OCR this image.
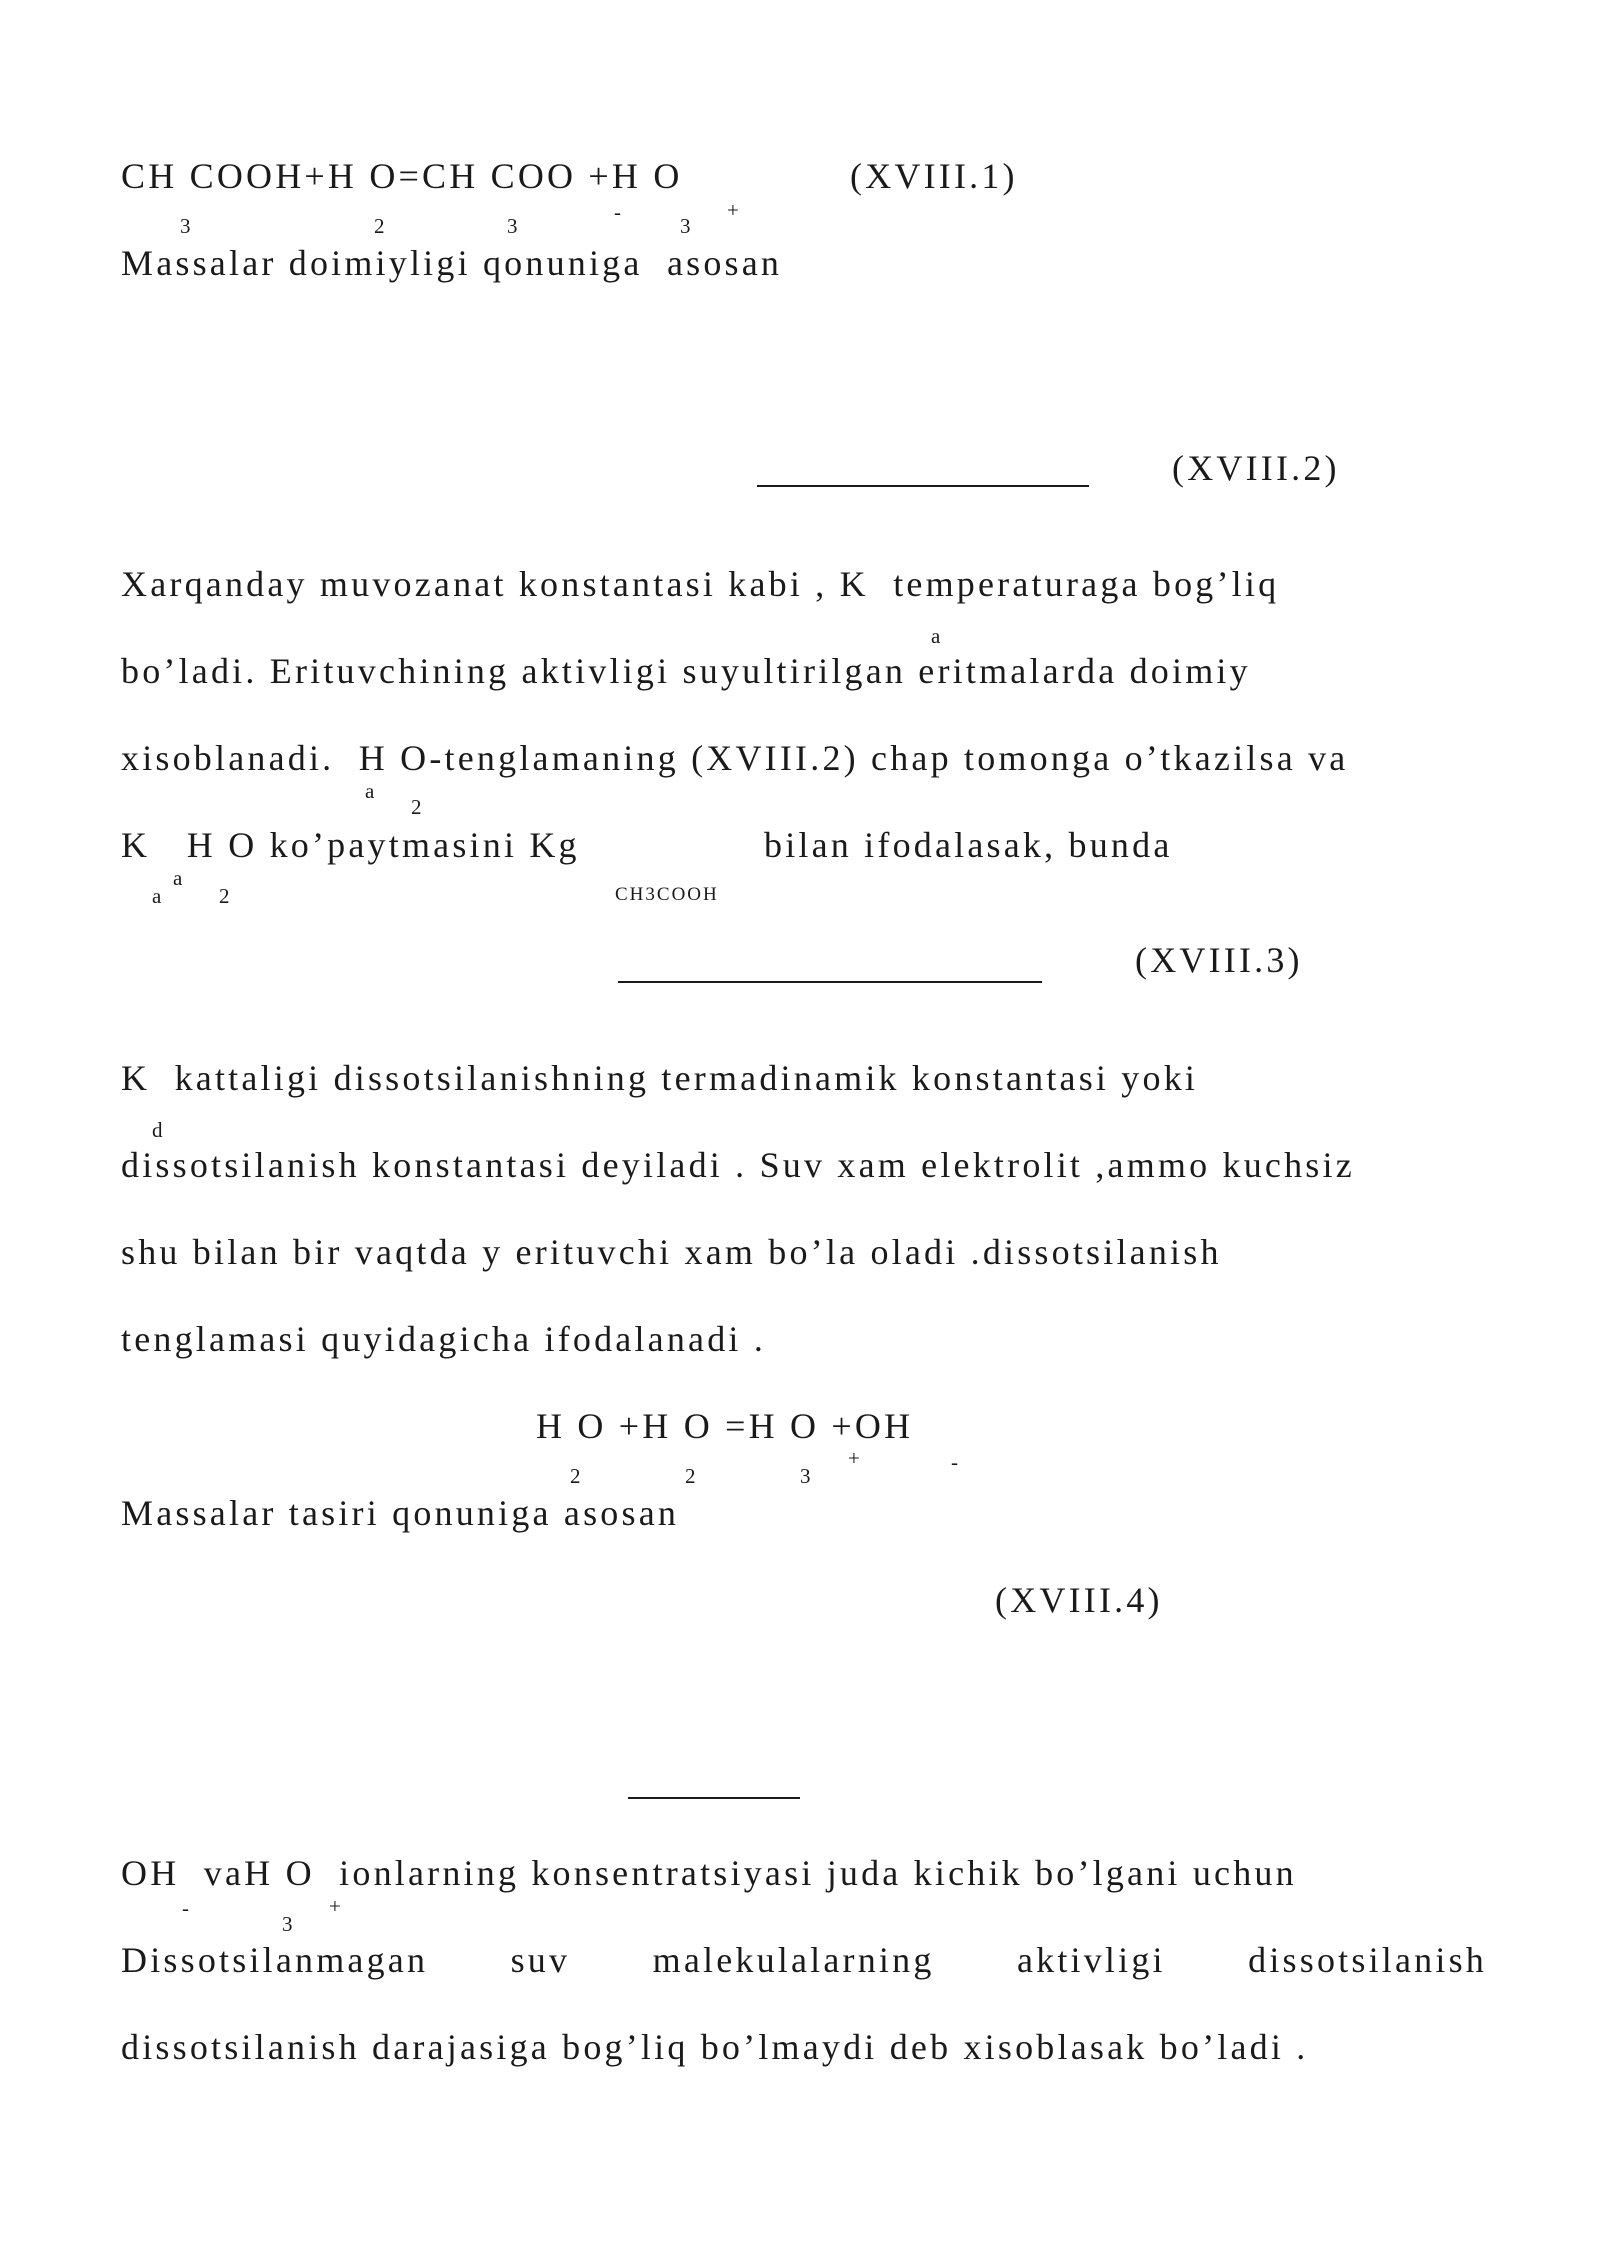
CH COOH+H O=CH COO +H O	(XVIII.1)
3	2	3
-
3
+
Massalar doimiyligi qonuniga  asosan
(XVIII.2)
Xarqanday muvozanat konstantasi kabi , K  temperaturaga bog’liq
a
bo’ladi. Erituvchining aktivligi suyultirilgan eritmalarda doimiy
xisoblanadi.  H O-tenglamaning (XVIII.2) chap tomonga o’tkazilsa va
a
2
K   H O ko’paytmasini Kg	bilan ifodalasak, bunda
a
a
2	CH3COOH
(XVIII.3)
K  kattaligi dissotsilanishning termadinamik konstantasi yoki
d
dissotsilanish konstantasi deyiladi . Suv xam elektrolit ,ammo kuchsiz
shu bilan bir vaqtda y erituvchi xam bo’la oladi .dissotsilanish
tenglamasi quyidagicha ifodalanadi .
H O +H O =H O +OH
2	2	3
+	-
Massalar tasiri qonuniga asosan
(XVIII.4)
OH  vaH O  ionlarning konsentratsiyasi juda kichik bo’lgani uchun
-
3
+
Dissotsilanmagan suv malekulalarning aktivligi dissotsilanish
dissotsilanish darajasiga bog’liq bo’lmaydi deb xisoblasak bo’ladi .
